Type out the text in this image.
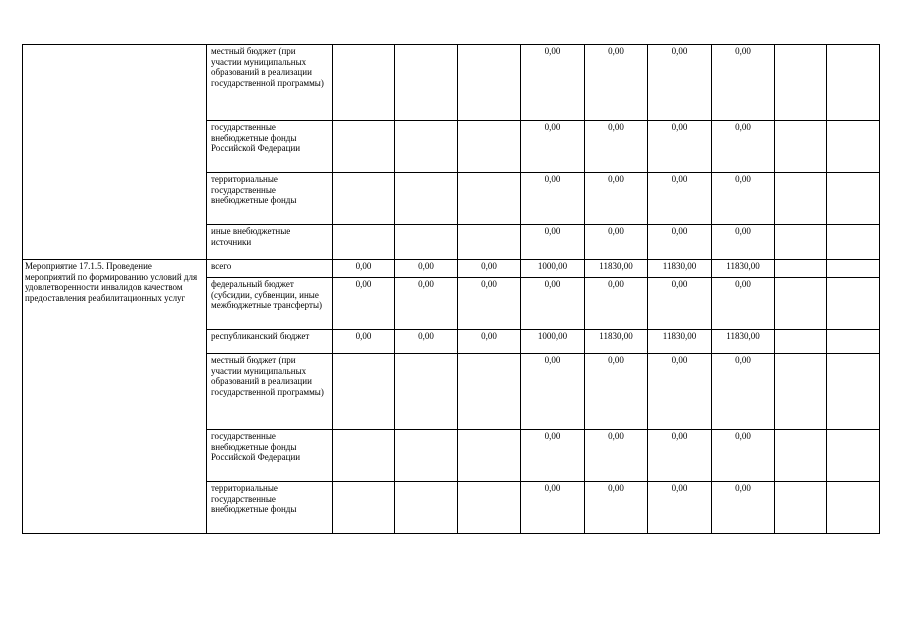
	местный бюджет (при участии муниципальных образований в реализации государственной программы)				0,00	0,00	0,00	0,00		

	государственные внебюджетные фонды Российской Федерации				0,00	0,00	0,00	0,00		

	территориальные государственные внебюджетные фонды				0,00	0,00	0,00	0,00		

	иные внебюджетные источники				0,00	0,00	0,00	0,00		

Мероприятие 17.1.5. Проведение мероприятий по формированию условий для удовлетворенности инвалидов качеством предоставления реабилитационных услуг	всего	0,00	0,00	0,00	1000,00	11830,00	11830,00	11830,00		

	федеральный бюджет (субсидии, субвенции, иные межбюджетные трансферты)	0,00	0,00	0,00	0,00	0,00	0,00	0,00		

	республиканский бюджет	0,00	0,00	0,00	1000,00	11830,00	11830,00	11830,00		

	местный бюджет (при участии муниципальных образований в реализации государственной программы)				0,00	0,00	0,00	0,00		

	государственные внебюджетные фонды Российской Федерации				0,00	0,00	0,00	0,00		

	территориальные государственные внебюджетные фонды				0,00	0,00	0,00	0,00		
